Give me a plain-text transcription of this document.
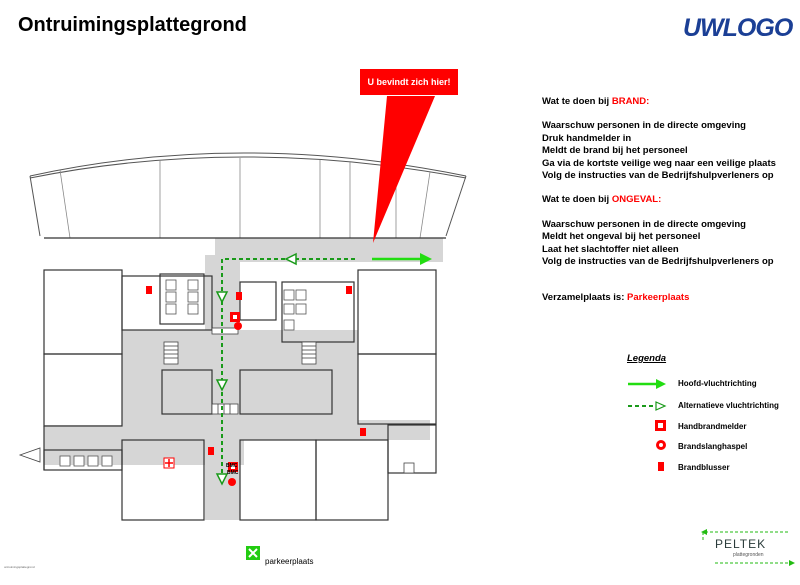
Ontruimingsplattegrond	UWLOGO
U bevindt zich hier!
Wat te doen bij BRAND:
Waarschuw personen in de directe omgeving
Druk handmelder in
Meldt de brand bij het personeel
Ga via de kortste veilige weg naar een veilige plaats
Volg de instructies van de Bedrijfshulpverleners op
Wat te doen bij ONGEVAL:
Waarschuw personen in de directe omgeving
Meldt het ongeval bij het personeel
Laat het slachtoffer niet alleen
Volg de instructies van de Bedrijfshulpverleners op
Verzamelplaats is: Parkeerplaats
Legenda
Hoofd-vluchtrichting
Alternatieve vluchtrichting
Handbrandmelder
Brandslanghaspel
Brandblusser
parkeerplaats
BMC
BMC
PELTEK
plattegronden
ontruimingsplattegrond
